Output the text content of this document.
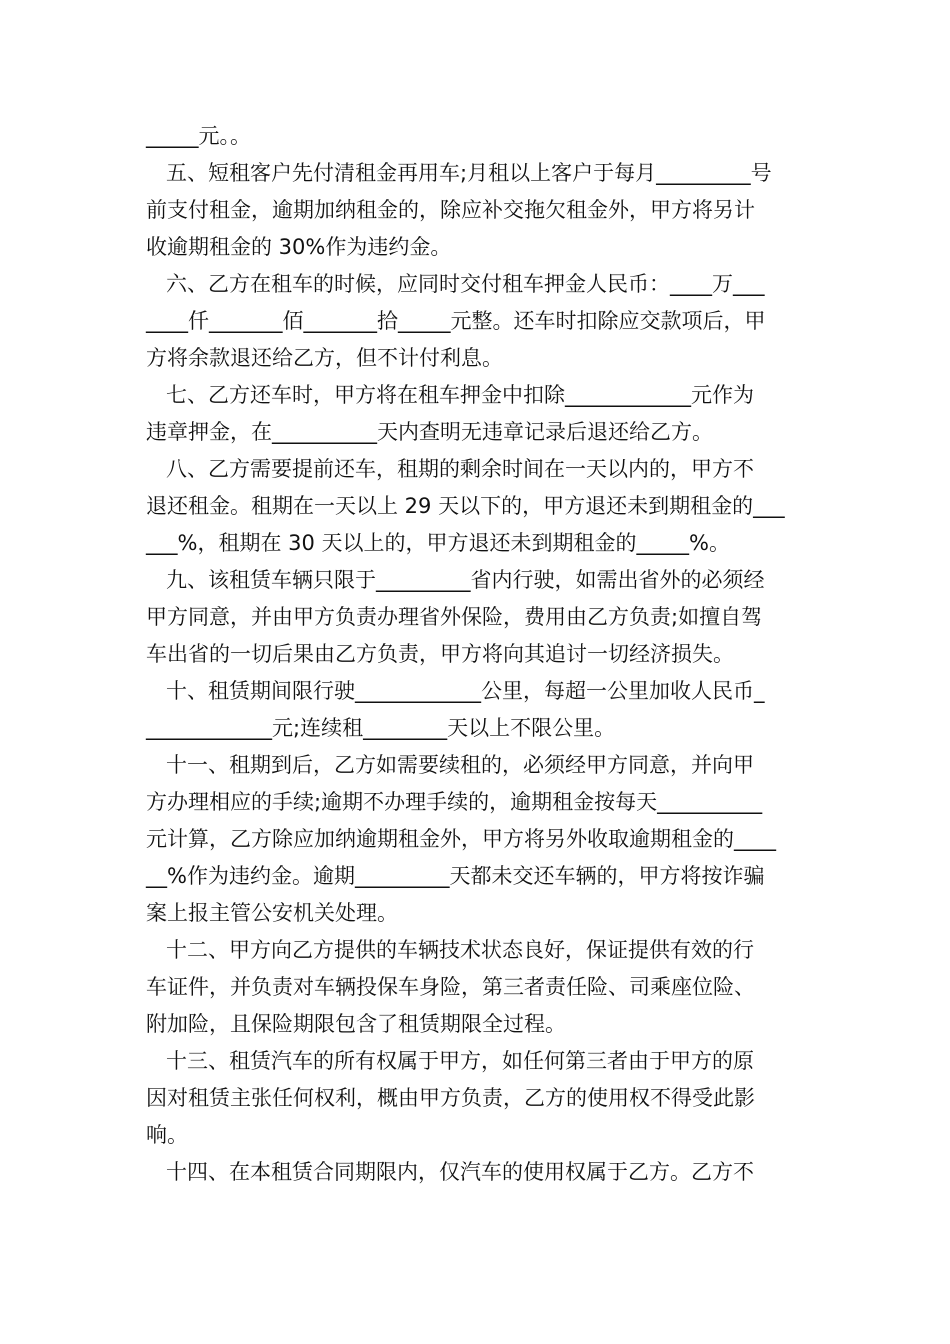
_____元。。
五、短租客户先付清租金再用车;月租以上客户于每月_________号
前支付租金，逾期加纳租金的，除应补交拖欠租金外，甲方将另计
收逾期租金的 30%作为违约金。
六、乙方在租车的时候，应同时交付租车押金人民币：____万___
____仟_______佰_______拾_____元整。还车时扣除应交款项后，甲
方将余款退还给乙方，但不计付利息。
七、乙方还车时，甲方将在租车押金中扣除____________元作为
违章押金，在__________天内查明无违章记录后退还给乙方。
八、乙方需要提前还车，租期的剩余时间在一天以内的，甲方不
退还租金。租期在一天以上 29 天以下的，甲方退还未到期租金的___
___%，租期在 30 天以上的，甲方退还未到期租金的_____%。
九、该租赁车辆只限于_________省内行驶，如需出省外的必须经
甲方同意，并由甲方负责办理省外保险，费用由乙方负责;如擅自驾
车出省的一切后果由乙方负责，甲方将向其追讨一切经济损失。
十、租赁期间限行驶____________公里，每超一公里加收人民币_
____________元;连续租________天以上不限公里。
十一、租期到后，乙方如需要续租的，必须经甲方同意，并向甲
方办理相应的手续;逾期不办理手续的，逾期租金按每天__________
元计算，乙方除应加纳逾期租金外，甲方将另外收取逾期租金的____
__%作为违约金。逾期_________天都未交还车辆的，甲方将按诈骗
案上报主管公安机关处理。
十二、甲方向乙方提供的车辆技术状态良好，保证提供有效的行
车证件，并负责对车辆投保车身险，第三者责任险、司乘座位险、
附加险，且保险期限包含了租赁期限全过程。
十三、租赁汽车的所有权属于甲方，如任何第三者由于甲方的原
因对租赁主张任何权利，概由甲方负责，乙方的使用权不得受此影
响。
十四、在本租赁合同期限内，仅汽车的使用权属于乙方。乙方不
